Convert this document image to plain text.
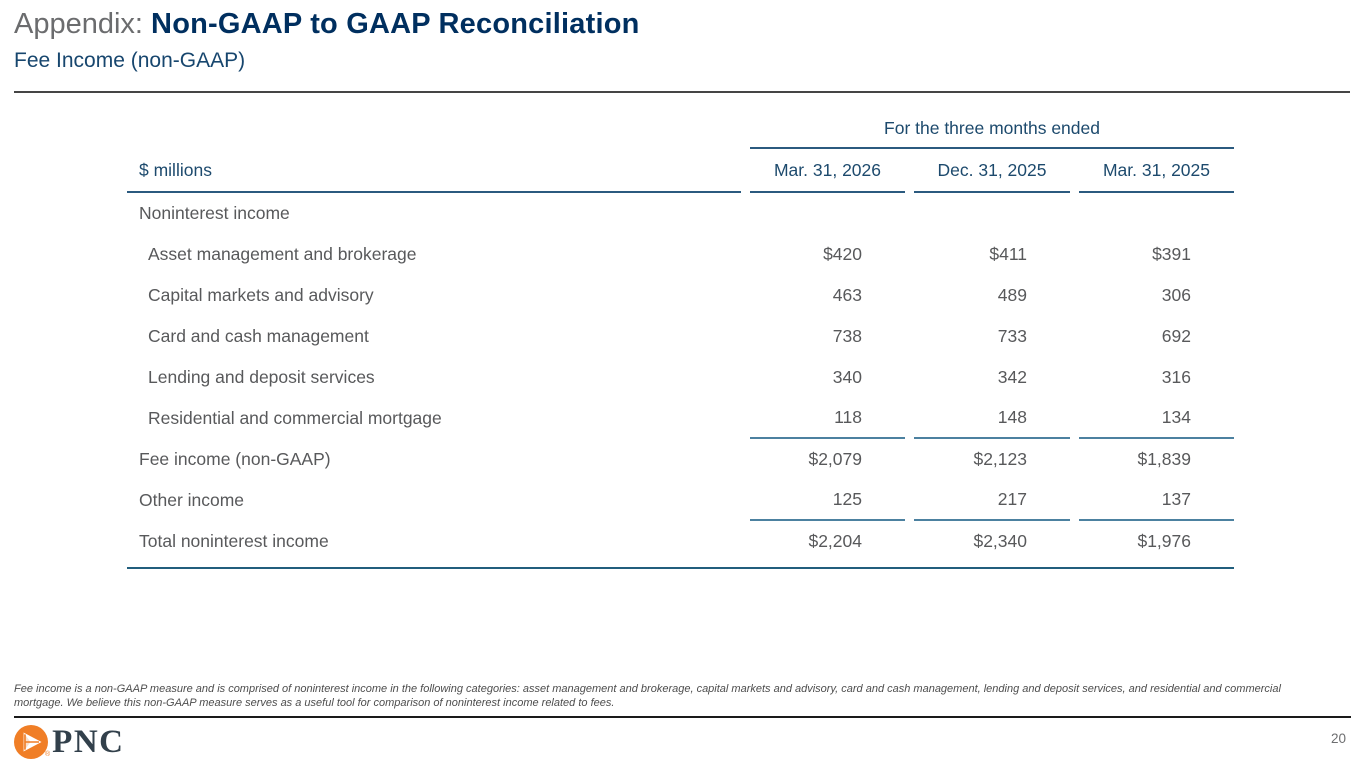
Appendix: Non-GAAP to GAAP Reconciliation
Fee Income (non-GAAP)
For the three months ended
$ millions	Mar. 31, 2026	Dec. 31, 2025	Mar. 31, 2025
Noninterest income
Asset management and brokerage	$420	$411	$391
Capital markets and advisory	463	489	306
Card and cash management	738	733	692
Lending and deposit services	340	342	316
Residential and commercial mortgage	118	148	134
Fee income (non-GAAP)	$2,079	$2,123	$1,839
Other income	125	217	137
Total noninterest income	$2,204	$2,340	$1,976
Fee income is a non-GAAP measure and is comprised of noninterest income in the following categories: asset management and brokerage, capital markets and advisory, card and cash management, lending and deposit services, and residential and commercial mortgage. We believe this non-GAAP measure serves as a useful tool for comparison of noninterest income related to fees.
® PNC	20
